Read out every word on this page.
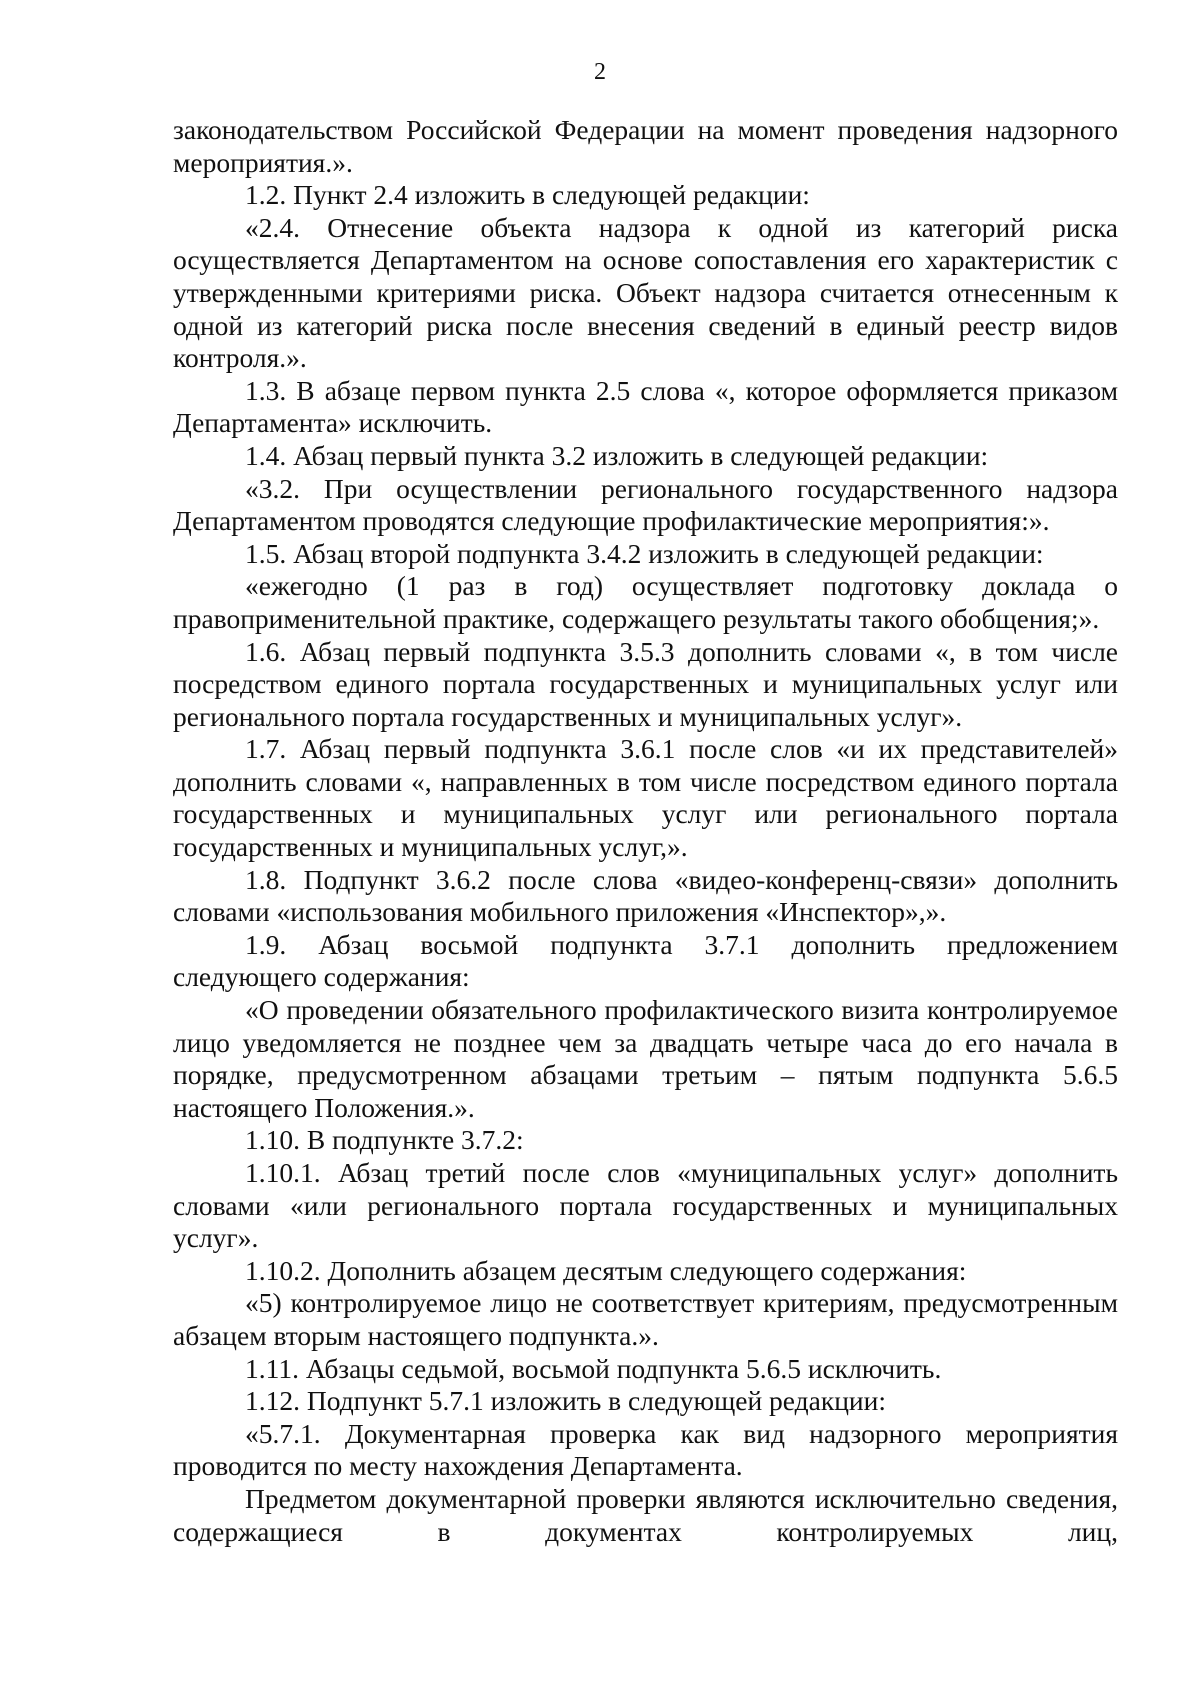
2

законодательством Российской Федерации на момент проведения надзорного мероприятия.».

1.2. Пункт 2.4 изложить в следующей редакции:

«2.4. Отнесение объекта надзора к одной из категорий риска осуществляется Департаментом на основе сопоставления его характеристик с утвержденными критериями риска. Объект надзора считается отнесенным к одной из категорий риска после внесения сведений в единый реестр видов контроля.».

1.3. В абзаце первом пункта 2.5 слова «, которое оформляется приказом Департамента» исключить.

1.4. Абзац первый пункта 3.2 изложить в следующей редакции:

«3.2. При осуществлении регионального государственного надзора Департаментом проводятся следующие профилактические мероприятия:».

1.5. Абзац второй подпункта 3.4.2 изложить в следующей редакции:

«ежегодно (1 раз в год) осуществляет подготовку доклада о правоприменительной практике, содержащего результаты такого обобщения;».

1.6. Абзац первый подпункта 3.5.3 дополнить словами «, в том числе посредством единого портала государственных и муниципальных услуг или регионального портала государственных и муниципальных услуг».

1.7. Абзац первый подпункта 3.6.1 после слов «и их представителей» дополнить словами «, направленных в том числе посредством единого портала государственных и муниципальных услуг или регионального портала государственных и муниципальных услуг,».

1.8. Подпункт 3.6.2 после слова «видео-конференц-связи» дополнить словами «использования мобильного приложения «Инспектор»,».

1.9. Абзац восьмой подпункта 3.7.1 дополнить предложением следующего содержания:

«О проведении обязательного профилактического визита контролируемое лицо уведомляется не позднее чем за двадцать четыре часа до его начала в порядке, предусмотренном абзацами третьим – пятым подпункта 5.6.5 настоящего Положения.».

1.10. В подпункте 3.7.2:

1.10.1. Абзац третий после слов «муниципальных услуг» дополнить словами «или регионального портала государственных и муниципальных услуг».

1.10.2. Дополнить абзацем десятым следующего содержания:

«5) контролируемое лицо не соответствует критериям, предусмотренным абзацем вторым настоящего подпункта.».

1.11. Абзацы седьмой, восьмой подпункта 5.6.5 исключить.

1.12. Подпункт 5.7.1 изложить в следующей редакции:

«5.7.1. Документарная проверка как вид надзорного мероприятия проводится по месту нахождения Департамента.

Предметом документарной проверки являются исключительно сведения, содержащиеся в документах контролируемых лиц,
